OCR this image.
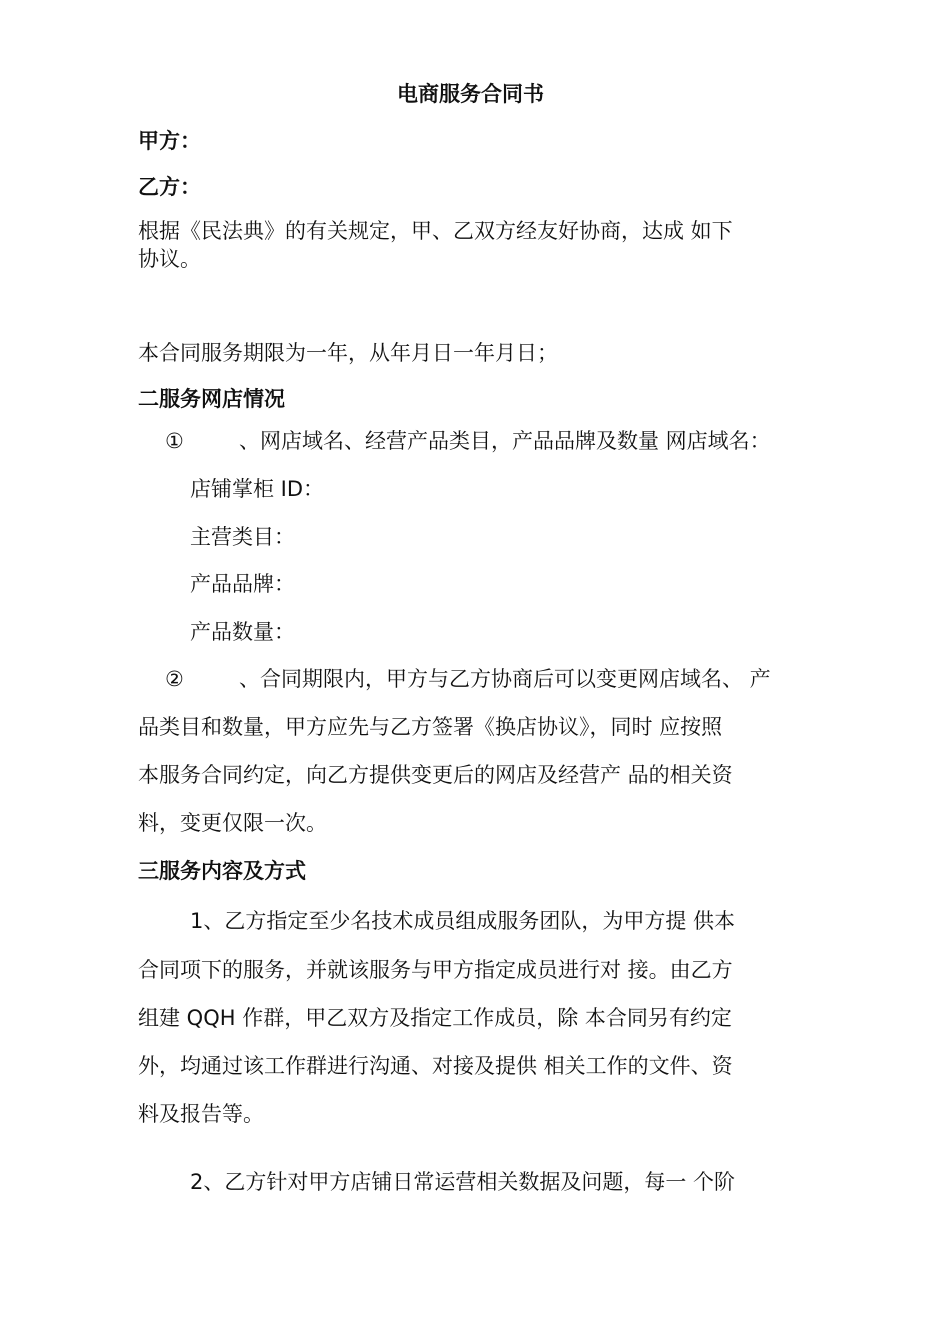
电商服务合同书
甲方：
乙方：
根据《民法典》的有关规定，甲、乙双方经友好协商，达成 如下
协议。
本合同服务期限为一年，从年月日一年月日；
二服务网店情况
①	、网店域名、经营产品类目，产品品牌及数量 网店域名：
店铺掌柜 ID：
主营类目：
产品品牌：
产品数量：
②	、合同期限内，甲方与乙方协商后可以变更网店域名、 产
品类目和数量，甲方应先与乙方签署《换店协议》，同时 应按照
本服务合同约定，向乙方提供变更后的网店及经营产 品的相关资
料，变更仅限一次。
三服务内容及方式
1、乙方指定至少名技术成员组成服务团队，为甲方提 供本
合同项下的服务，并就该服务与甲方指定成员进行对 接。由乙方
组建 QQH 作群，甲乙双方及指定工作成员，除 本合同另有约定
外，均通过该工作群进行沟通、对接及提供 相关工作的文件、资
料及报告等。
2、乙方针对甲方店铺日常运营相关数据及问题，每一 个阶
